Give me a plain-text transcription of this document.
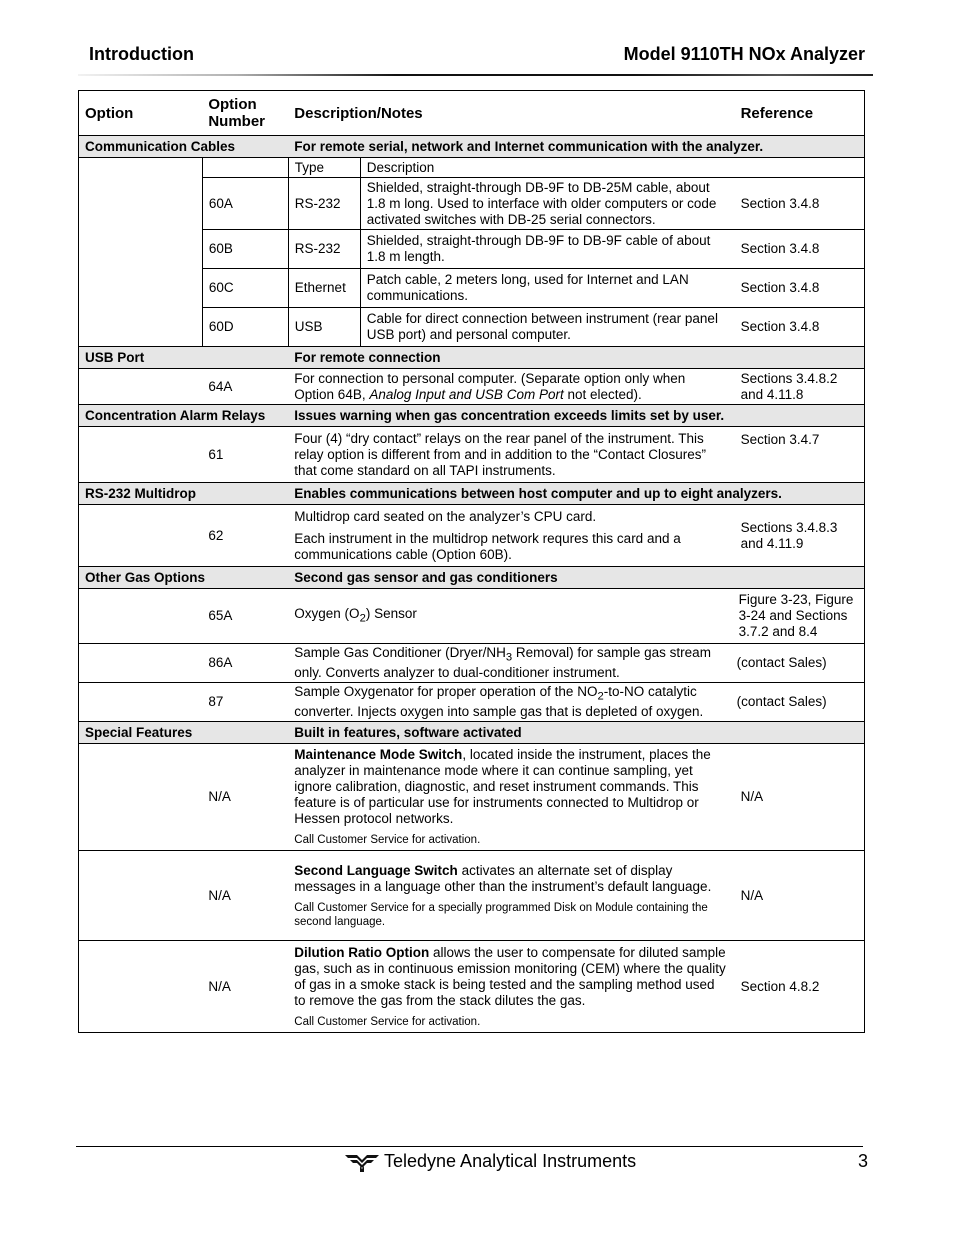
Introduction	Model 9110TH NOx Analyzer
Option	Option Number	Description/Notes		Reference
Communication Cables		For remote serial, network and Internet communication with the analyzer.		
		Type	Description	
	60A	RS-232	Shielded, straight-through DB-9F to DB-25M cable, about 1.8 m long. Used to interface with older computers or code activated switches with DB-25 serial connectors.	Section 3.4.8
	60B	RS-232	Shielded, straight-through DB-9F to DB-9F cable of about 1.8 m length.	Section 3.4.8
	60C	Ethernet	Patch cable, 2 meters long, used for Internet and LAN communications.	Section 3.4.8
	60D	USB	Cable for direct connection between instrument (rear panel USB port) and personal computer.	Section 3.4.8
USB Port		For remote connection		
	64A	For connection to personal computer. (Separate option only when Option 64B, Analog Input and USB Com Port not elected).		Sections 3.4.8.2 and 4.11.8
Concentration Alarm Relays		Issues warning when gas concentration exceeds limits set by user.		
	61	Four (4) “dry contact” relays on the rear panel of the instrument. This relay option is different from and in addition to the “Contact Closures” that come standard on all TAPI instruments.		Section 3.4.7
RS-232 Multidrop		Enables communications between host computer and up to eight analyzers.		
	62	Multidrop card seated on the analyzer’s CPU card.
Each instrument in the multidrop network requres this card and a communications cable (Option 60B).		Sections 3.4.8.3 and 4.11.9
Other Gas Options		Second gas sensor and gas conditioners		
	65A	Oxygen $(O_2)$ Sensor		Figure 3-23, Figure 3-24 and Sections 3.7.2 and 8.4
	86A	Sample Gas Conditioner ($Dryer/NH_3$ Removal) for sample gas stream only. Converts analyzer to dual-conditioner instrument.		(contact Sales)
	87	Sample Oxygenator for proper operation of the $NO_2-to-NO$ catalytic converter. Injects oxygen into sample gas that is depleted of oxygen.		(contact Sales)
Special Features		Built in features, software activated		
	N/A	Maintenance Mode Switch, located inside the instrument, places the analyzer in maintenance mode where it can continue sampling, yet ignore calibration, diagnostic, and reset instrument commands. This feature is of particular use for instruments connected to Multidrop or Hessen protocol networks.
Call Customer Service for activation.		N/A
	N/A	Second Language Switch activates an alternate set of display messages in a language other than the instrument’s default language.
Call Customer Service for a specially programmed Disk on Module containing the second language.		N/A
	N/A	Dilution Ratio Option allows the user to compensate for diluted sample gas, such as in continuous emission monitoring (CEM) where the quality of gas in a smoke stack is being tested and the sampling method used to remove the gas from the stack dilutes the gas.
Call Customer Service for activation.		Section 4.8.2
Teledyne Analytical Instruments	3
